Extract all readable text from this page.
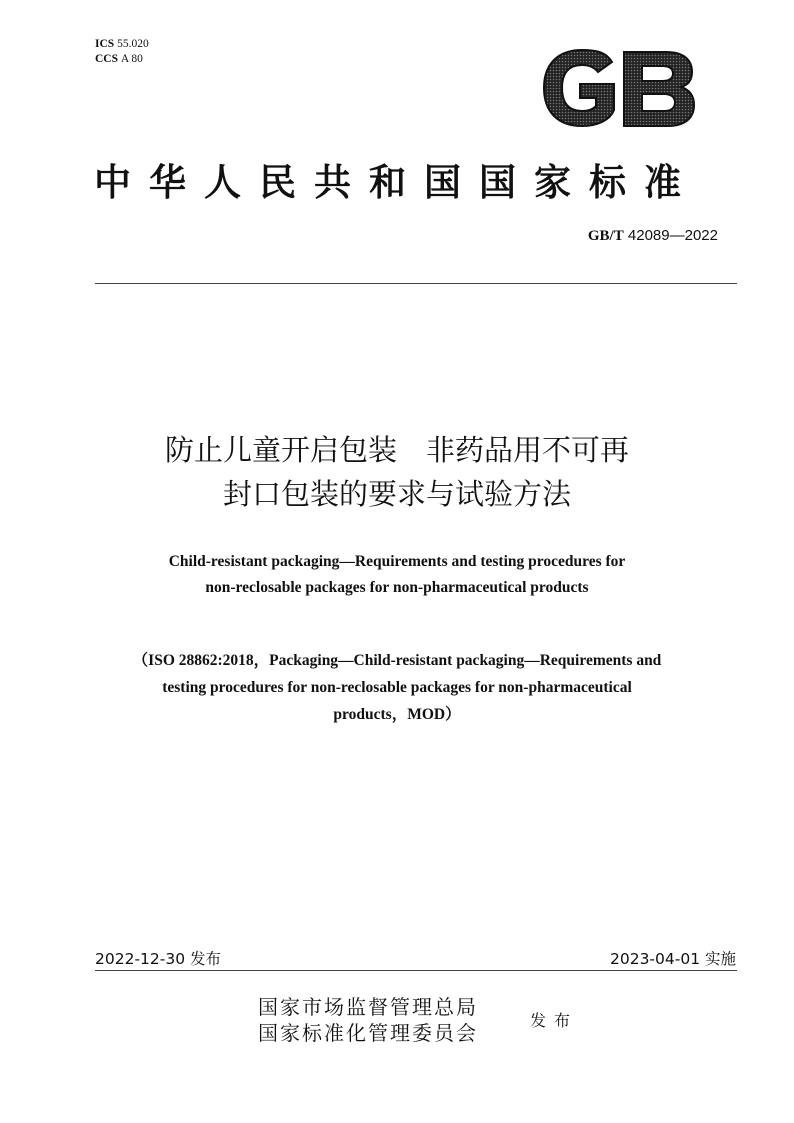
ICS 55.020
CCS A 80
中华人民共和国国家标准
GB/T 42089—2022
防止儿童开启包装　非药品用不可再
封口包装的要求与试验方法
Child-resistant packaging—Requirements and testing procedures for
non-reclosable packages for non-pharmaceutical products
（ISO 28862:2018，Packaging—Child-resistant packaging—Requirements and
testing procedures for non-reclosable packages for non-pharmaceutical
products，MOD）
2022-12-30 发布	2023-04-01 实施
国家市场监督管理总局
国家标准化管理委员会
发布
